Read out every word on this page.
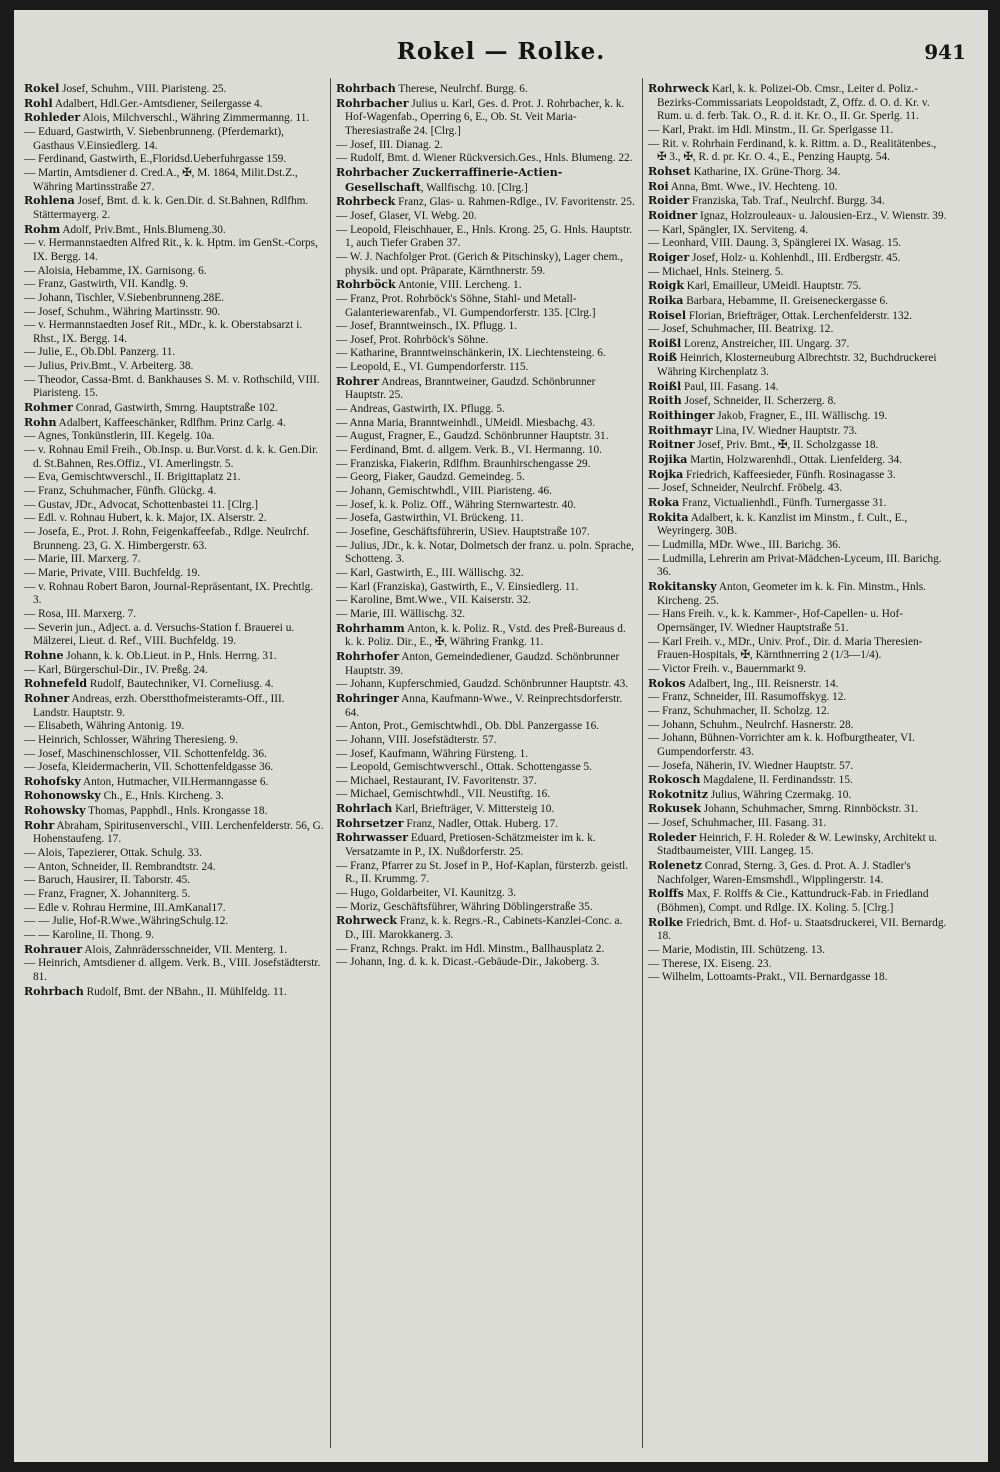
Rokel — Rolke.	941

Rokel Josef, Schuhm., VIII. Piaristeng. 25.

Rohl Adalbert, Hdl.Ger.-Amtsdiener, Seilergasse 4.

Rohleder Alois, Milchverschl., Währing Zimmermanng. 11.

— Eduard, Gastwirth, V. Siebenbrunneng. (Pferdemarkt), Gasthaus V.Einsiedlerg. 14.

— Ferdinand, Gastwirth, E.,Floridsd.Ueberfuhrgasse 159.

— Martin, Amtsdiener d. Cred.A., ✠, M. 1864, Milit.Dst.Z., Währing Martinsstraße 27.

Rohlena Josef, Bmt. d. k. k. Gen.Dir. d. St.Bahnen, Rdlfhm. Stättermayerg. 2.

Rohm Adolf, Priv.Bmt., Hnls.Blumeng.30.

— v. Hermannstaedten Alfred Rit., k. k. Hptm. im GenSt.-Corps, IX. Bergg. 14.

— Aloisia, Hebamme, IX. Garnisong. 6.

— Franz, Gastwirth, VII. Kandlg. 9.

— Johann, Tischler, V.Siebenbrunneng.28E.

— Josef, Schuhm., Währing Martinsstr. 90.

— v. Hermannstaedten Josef Rit., MDr., k. k. Oberstabsarzt i. Rhst., IX. Bergg. 14.

— Julie, E., Ob.Dbl. Panzerg. 11.

— Julius, Priv.Bmt., V. Arbeiterg. 38.

— Theodor, Cassa-Bmt. d. Bankhauses S. M. v. Rothschild, VIII. Piaristeng. 15.

Rohmer Conrad, Gastwirth, Smrng. Hauptstraße 102.

Rohn Adalbert, Kaffeeschänker, Rdlfhm. Prinz Carlg. 4.

— Agnes, Tonkünstlerin, III. Kegelg. 10a.

— v. Rohnau Emil Freih., Ob.Insp. u. Bur.Vorst. d. k. k. Gen.Dir. d. St.Bahnen, Res.Offiz., VI. Amerlingstr. 5.

— Eva, Gemischtwverschl., II. Brigittaplatz 21.

— Franz, Schuhmacher, Fünfh. Glückg. 4.

— Gustav, JDr., Advocat, Schottenbastei 11. [Clrg.]

— Edl. v. Rohnau Hubert, k. k. Major, IX. Alserstr. 2.

— Josefa, E., Prot. J. Rohn, Feigenkaffeefab., Rdlge. Neulrchf. Brunneng. 23, G. X. Himbergerstr. 63.

— Marie, III. Marxerg. 7.

— Marie, Private, VIII. Buchfeldg. 19.

— v. Rohnau Robert Baron, Journal-Repräsentant, IX. Prechtlg. 3.

— Rosa, III. Marxerg. 7.

— Severin jun., Adject. a. d. Versuchs-Station f. Brauerei u. Mälzerei, Lieut. d. Ref., VIII. Buchfeldg. 19.

Rohne Johann, k. k. Ob.Lieut. in P., Hnls. Herrng. 31.

— Karl, Bürgerschul-Dir., IV. Preßg. 24.

Rohnefeld Rudolf, Bautechniker, VI. Corneliusg. 4.

Rohner Andreas, erzh. Oberstthofmeisteramts-Off., III. Landstr. Hauptstr. 9.

— Elisabeth, Währing Antonig. 19.

— Heinrich, Schlosser, Währing Theresieng. 9.

— Josef, Maschinenschlosser, VII. Schottenfeldg. 36.

— Josefa, Kleidermacherin, VII. Schottenfeldgasse 36.

Rohofsky Anton, Hutmacher, VII.Hermanngasse 6.

Rohonowsky Ch., E., Hnls. Kircheng. 3.

Rohowsky Thomas, Papphdl., Hnls. Krongasse 18.

Rohr Abraham, Spiritusenverschl., VIII. Lerchenfelderstr. 56, G. Hohenstaufeng. 17.

— Alois, Tapezierer, Ottak. Schulg. 33.

— Anton, Schneider, II. Rembrandtstr. 24.

— Baruch, Hausirer, II. Taborstr. 45.

— Franz, Fragner, X. Johanniterg. 5.

— Edle v. Rohrau Hermine, III.AmKanal17.

— — Julie, Hof-R.Wwe.,WähringSchulg.12.

— — Karoline, II. Thong. 9.

Rohrauer Alois, Zahnrädersschneider, VII. Menterg. 1.

— Heinrich, Amtsdiener d. allgem. Verk. B., VIII. Josefstädterstr. 81.

Rohrbach Rudolf, Bmt. der NBahn., II. Mühlfeldg. 11.

Rohrbach Therese, Neulrchf. Burgg. 6.

Rohrbacher Julius u. Karl, Ges. d. Prot. J. Rohrbacher, k. k. Hof-Wagenfab., Operring 6, E., Ob. St. Veit Maria-Theresiastraße 24. [Clrg.]

— Josef, III. Dianag. 2.

— Rudolf, Bmt. d. Wiener Rückversich.Ges., Hnls. Blumeng. 22.

Rohrbacher Zuckerraffinerie-Actien-Gesellschaft, Wallfischg. 10. [Clrg.]

Rohrbeck Franz, Glas- u. Rahmen-Rdlge., IV. Favoritenstr. 25.

— Josef, Glaser, VI. Webg. 20.

— Leopold, Fleischhauer, E., Hnls. Krong. 25, G. Hnls. Hauptstr. 1, auch Tiefer Graben 37.

— W. J. Nachfolger Prot. (Gerich & Pitschinsky), Lager chem., physik. und opt. Präparate, Kärnthnerstr. 59.

Rohrböck Antonie, VIII. Lercheng. 1.

— Franz, Prot. Rohrböck's Söhne, Stahl- und Metall-Galanteriewarenfab., VI. Gumpendorferstr. 135. [Clrg.]

— Josef, Branntweinsch., IX. Pflugg. 1.

— Josef, Prot. Rohrböck's Söhne.

— Katharine, Branntweinschänkerin, IX. Liechtensteing. 6.

— Leopold, E., VI. Gumpendorferstr. 115.

Rohrer Andreas, Branntweiner, Gaudzd. Schönbrunner Hauptstr. 25.

— Andreas, Gastwirth, IX. Pflugg. 5.

— Anna Maria, Branntweinhdl., UMeidl. Miesbachg. 43.

— August, Fragner, E., Gaudzd. Schönbrunner Hauptstr. 31.

— Ferdinand, Bmt. d. allgem. Verk. B., VI. Hermanng. 10.

— Franziska, Fiakerin, Rdlfhm. Braunhirschengasse 29.

— Georg, Fiaker, Gaudzd. Gemeindeg. 5.

— Johann, Gemischtwhdl., VIII. Piaristeng. 46.

— Josef, k. k. Poliz. Off., Währing Sternwartestr. 40.

— Josefa, Gastwirthin, VI. Brückeng. 11.

— Josefine, Geschäftsführerin, USiev. Hauptstraße 107.

— Julius, JDr., k. k. Notar, Dolmetsch der franz. u. poln. Sprache, Schotteng. 3.

— Karl, Gastwirth, E., III. Wällischg. 32.

— Karl (Franziska), Gastwirth, E., V. Einsiedlerg. 11.

— Karoline, Bmt.Wwe., VII. Kaiserstr. 32.

— Marie, III. Wällischg. 32.

Rohrhamm Anton, k. k. Poliz. R., Vstd. des Preß-Bureaus d. k. k. Poliz. Dir., E., ✠, Währing Frankg. 11.

Rohrhofer Anton, Gemeindediener, Gaudzd. Schönbrunner Hauptstr. 39.

— Johann, Kupferschmied, Gaudzd. Schönbrunner Hauptstr. 43.

Rohringer Anna, Kaufmann-Wwe., V. Reinprechtsdorferstr. 64.

— Anton, Prot., Gemischtwhdl., Ob. Dbl. Panzergasse 16.

— Johann, VIII. Josefstädterstr. 57.

— Josef, Kaufmann, Währing Fürsteng. 1.

— Leopold, Gemischtwverschl., Ottak. Schottengasse 5.

— Michael, Restaurant, IV. Favoritenstr. 37.

— Michael, Gemischtwhdl., VII. Neustiftg. 16.

Rohrlach Karl, Briefträger, V. Mittersteig 10.

Rohrsetzer Franz, Nadler, Ottak. Huberg. 17.

Rohrwasser Eduard, Pretiosen-Schätzmeister im k. k. Versatzamte in P., IX. Nußdorferstr. 25.

— Franz, Pfarrer zu St. Josef in P., Hof-Kaplan, fürsterzb. geistl. R., II. Krummg. 7.

— Hugo, Goldarbeiter, VI. Kaunitzg. 3.

— Moriz, Geschäftsführer, Währing Döblingerstraße 35.

Rohrweck Franz, k. k. Regrs.-R., Cabinets-Kanzlei-Conc. a. D., III. Marokkanerg. 3.

— Franz, Rchngs. Prakt. im Hdl. Minstm., Ballhausplatz 2.

— Johann, Ing. d. k. k. Dicast.-Gebäude-Dir., Jakoberg. 3.

Rohrweck Karl, k. k. Polizei-Ob. Cmsr., Leiter d. Poliz.-Bezirks-Commissariats Leopoldstadt, Z, Offz. d. O. d. Kr. v. Rum. u. d. ferb. Tak. O., R. d. it. Kr. O., II. Gr. Sperlg. 11.

— Karl, Prakt. im Hdl. Minstm., II. Gr. Sperlgasse 11.

— Rit. v. Rohrhain Ferdinand, k. k. Rittm. a. D., Realitätenbes., ✠ 3., ✠, R. d. pr. Kr. O. 4., E., Penzing Hauptg. 54.

Rohset Katharine, IX. Grüne-Thorg. 34.

Roi Anna, Bmt. Wwe., IV. Hechteng. 10.

Roider Franziska, Tab. Traf., Neulrchf. Burgg. 34.

Roidner Ignaz, Holzrouleaux- u. Jalousien-Erz., V. Wienstr. 39.

— Karl, Spängler, IX. Serviteng. 4.

— Leonhard, VIII. Daung. 3, Spänglerei IX. Wasag. 15.

Roiger Josef, Holz- u. Kohlenhdl., III. Erdbergstr. 45.

— Michael, Hnls. Steinerg. 5.

Roigk Karl, Emailleur, UMeidl. Hauptstr. 75.

Roika Barbara, Hebamme, II. Greiseneckergasse 6.

Roisel Florian, Briefträger, Ottak. Lerchenfelderstr. 132.

— Josef, Schuhmacher, III. Beatrixg. 12.

Roißl Lorenz, Anstreicher, III. Ungarg. 37.

Roiß Heinrich, Klosterneuburg Albrechtstr. 32, Buchdruckerei Währing Kirchenplatz 3.

Roißl Paul, III. Fasang. 14.

Roith Josef, Schneider, II. Scherzerg. 8.

Roithinger Jakob, Fragner, E., III. Wällischg. 19.

Roithmayr Lina, IV. Wiedner Hauptstr. 73.

Roitner Josef, Priv. Bmt., ✠, II. Scholzgasse 18.

Rojika Martin, Holzwarenhdl., Ottak. Lienfelderg. 34.

Rojka Friedrich, Kaffeesieder, Fünfh. Rosinagasse 3.

— Josef, Schneider, Neulrchf. Fröbelg. 43.

Roka Franz, Victualienhdl., Fünfh. Turnergasse 31.

Rokita Adalbert, k. k. Kanzlist im Minstm., f. Cult., E., Weyringerg. 30B.

— Ludmilla, MDr. Wwe., III. Barichg. 36.

— Ludmilla, Lehrerin am Privat-Mädchen-Lyceum, III. Barichg. 36.

Rokitansky Anton, Geometer im k. k. Fin. Minstm., Hnls. Kircheng. 25.

— Hans Freih. v., k. k. Kammer-, Hof-Capellen- u. Hof-Opernsänger, IV. Wiedner Hauptstraße 51.

— Karl Freih. v., MDr., Univ. Prof., Dir. d. Maria Theresien-Frauen-Hospitals, ✠, Kärnthnerring 2 (1/3—1/4).

— Victor Freih. v., Bauernmarkt 9.

Rokos Adalbert, Ing., III. Reisnerstr. 14.

— Franz, Schneider, III. Rasumoffskyg. 12.

— Franz, Schuhmacher, II. Scholzg. 12.

— Johann, Schuhm., Neulrchf. Hasnerstr. 28.

— Johann, Bühnen-Vorrichter am k. k. Hofburgtheater, VI. Gumpendorferstr. 43.

— Josefa, Näherin, IV. Wiedner Hauptstr. 57.

Rokosch Magdalene, II. Ferdinandsstr. 15.

Rokotnitz Julius, Währing Czermakg. 10.

Rokusek Johann, Schuhmacher, Smrng. Rinnböckstr. 31.

— Josef, Schuhmacher, III. Fasang. 31.

Roleder Heinrich, F. H. Roleder & W. Lewinsky, Architekt u. Stadtbaumeister, VIII. Langeg. 15.

Rolenetz Conrad, Sterng. 3, Ges. d. Prot. A. J. Stadler's Nachfolger, Waren-Emsmshdl., Wipplingerstr. 14.

Rolffs Max, F. Rolffs & Cie., Kattundruck-Fab. in Friedland (Böhmen), Compt. und Rdlge. IX. Koling. 5. [Clrg.]

Rolke Friedrich, Bmt. d. Hof- u. Staatsdruckerei, VII. Bernardg. 18.

— Marie, Modistin, III. Schützeng. 13.

— Therese, IX. Eiseng. 23.

— Wilhelm, Lottoamts-Prakt., VII. Bernardgasse 18.
